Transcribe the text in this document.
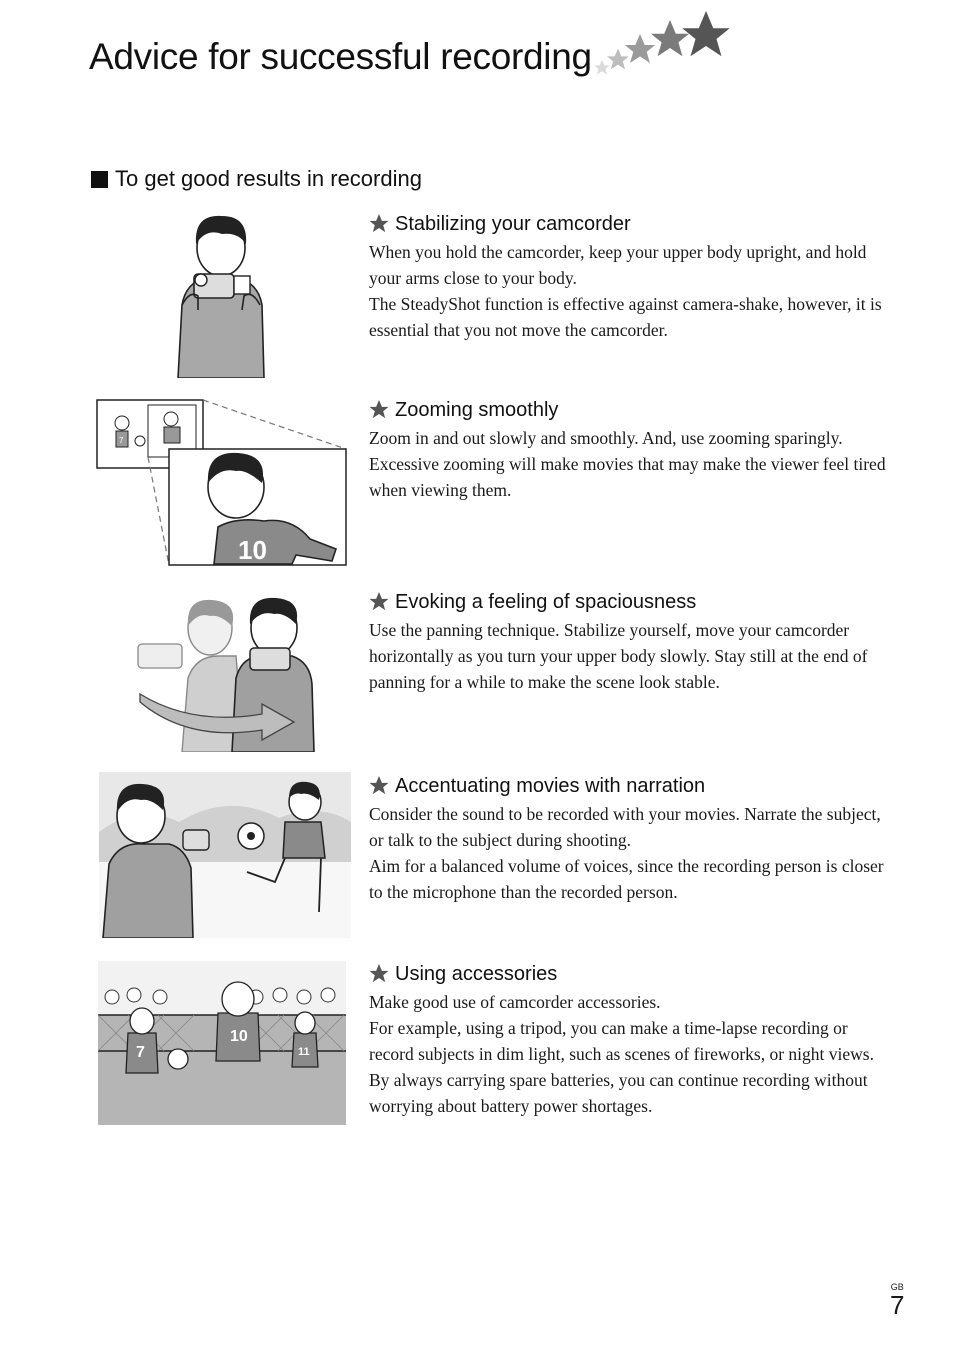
Advice for successful recording
To get good results in recording
7
10
7
10
11
Stabilizing your camcorder

When you hold the camcorder, keep your upper body upright, and hold your arms close to your body.

The SteadyShot function is effective against camera-shake, however, it is essential that you not move the camcorder.

Zooming smoothly

Zoom in and out slowly and smoothly. And, use zooming sparingly. Excessive zooming will make movies that may make the viewer feel tired when viewing them.

Evoking a feeling of spaciousness

Use the panning technique. Stabilize yourself, move your camcorder horizontally as you turn your upper body slowly. Stay still at the end of panning for a while to make the scene look stable.

Accentuating movies with narration

Consider the sound to be recorded with your movies. Narrate the subject, or talk to the subject during shooting.

Aim for a balanced volume of voices, since the recording person is closer to the microphone than the recorded person.

Using accessories

Make good use of camcorder accessories.

For example, using a tripod, you can make a time-lapse recording or record subjects in dim light, such as scenes of fireworks, or night views. By always carrying spare batteries, you can continue recording without worrying about battery power shortages.

GB
7
